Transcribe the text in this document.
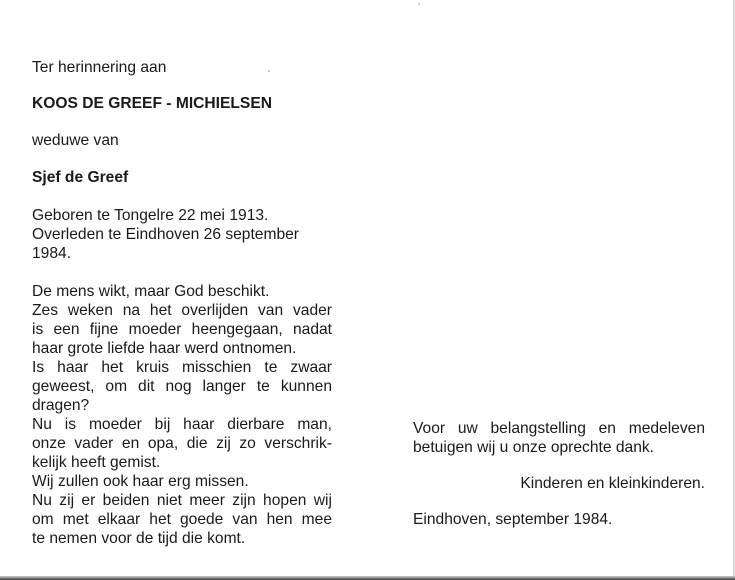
Ter herinnering aan

KOOS DE GREEF - MICHIELSEN

weduwe van

Sjef de Greef

Geboren te Tongelre 22 mei 1913.
Overleden te Eindhoven 26 september
1984.

De mens wikt, maar God beschikt.
Zes weken na het overlijden van vader
is een fijne moeder heengegaan, nadat
haar grote liefde haar werd ontnomen.
Is haar het kruis misschien te zwaar
geweest, om dit nog langer te kunnen
dragen?
Nu is moeder bij haar dierbare man,
onze vader en opa, die zij zo verschrik-
kelijk heeft gemist.
Wij zullen ook haar erg missen.
Nu zij er beiden niet meer zijn hopen wij
om met elkaar het goede van hen mee
te nemen voor de tijd die komt.

Voor uw belangstelling en medeleven
betuigen wij u onze oprechte dank.

Kinderen en kleinkinderen.

Eindhoven, september 1984.
